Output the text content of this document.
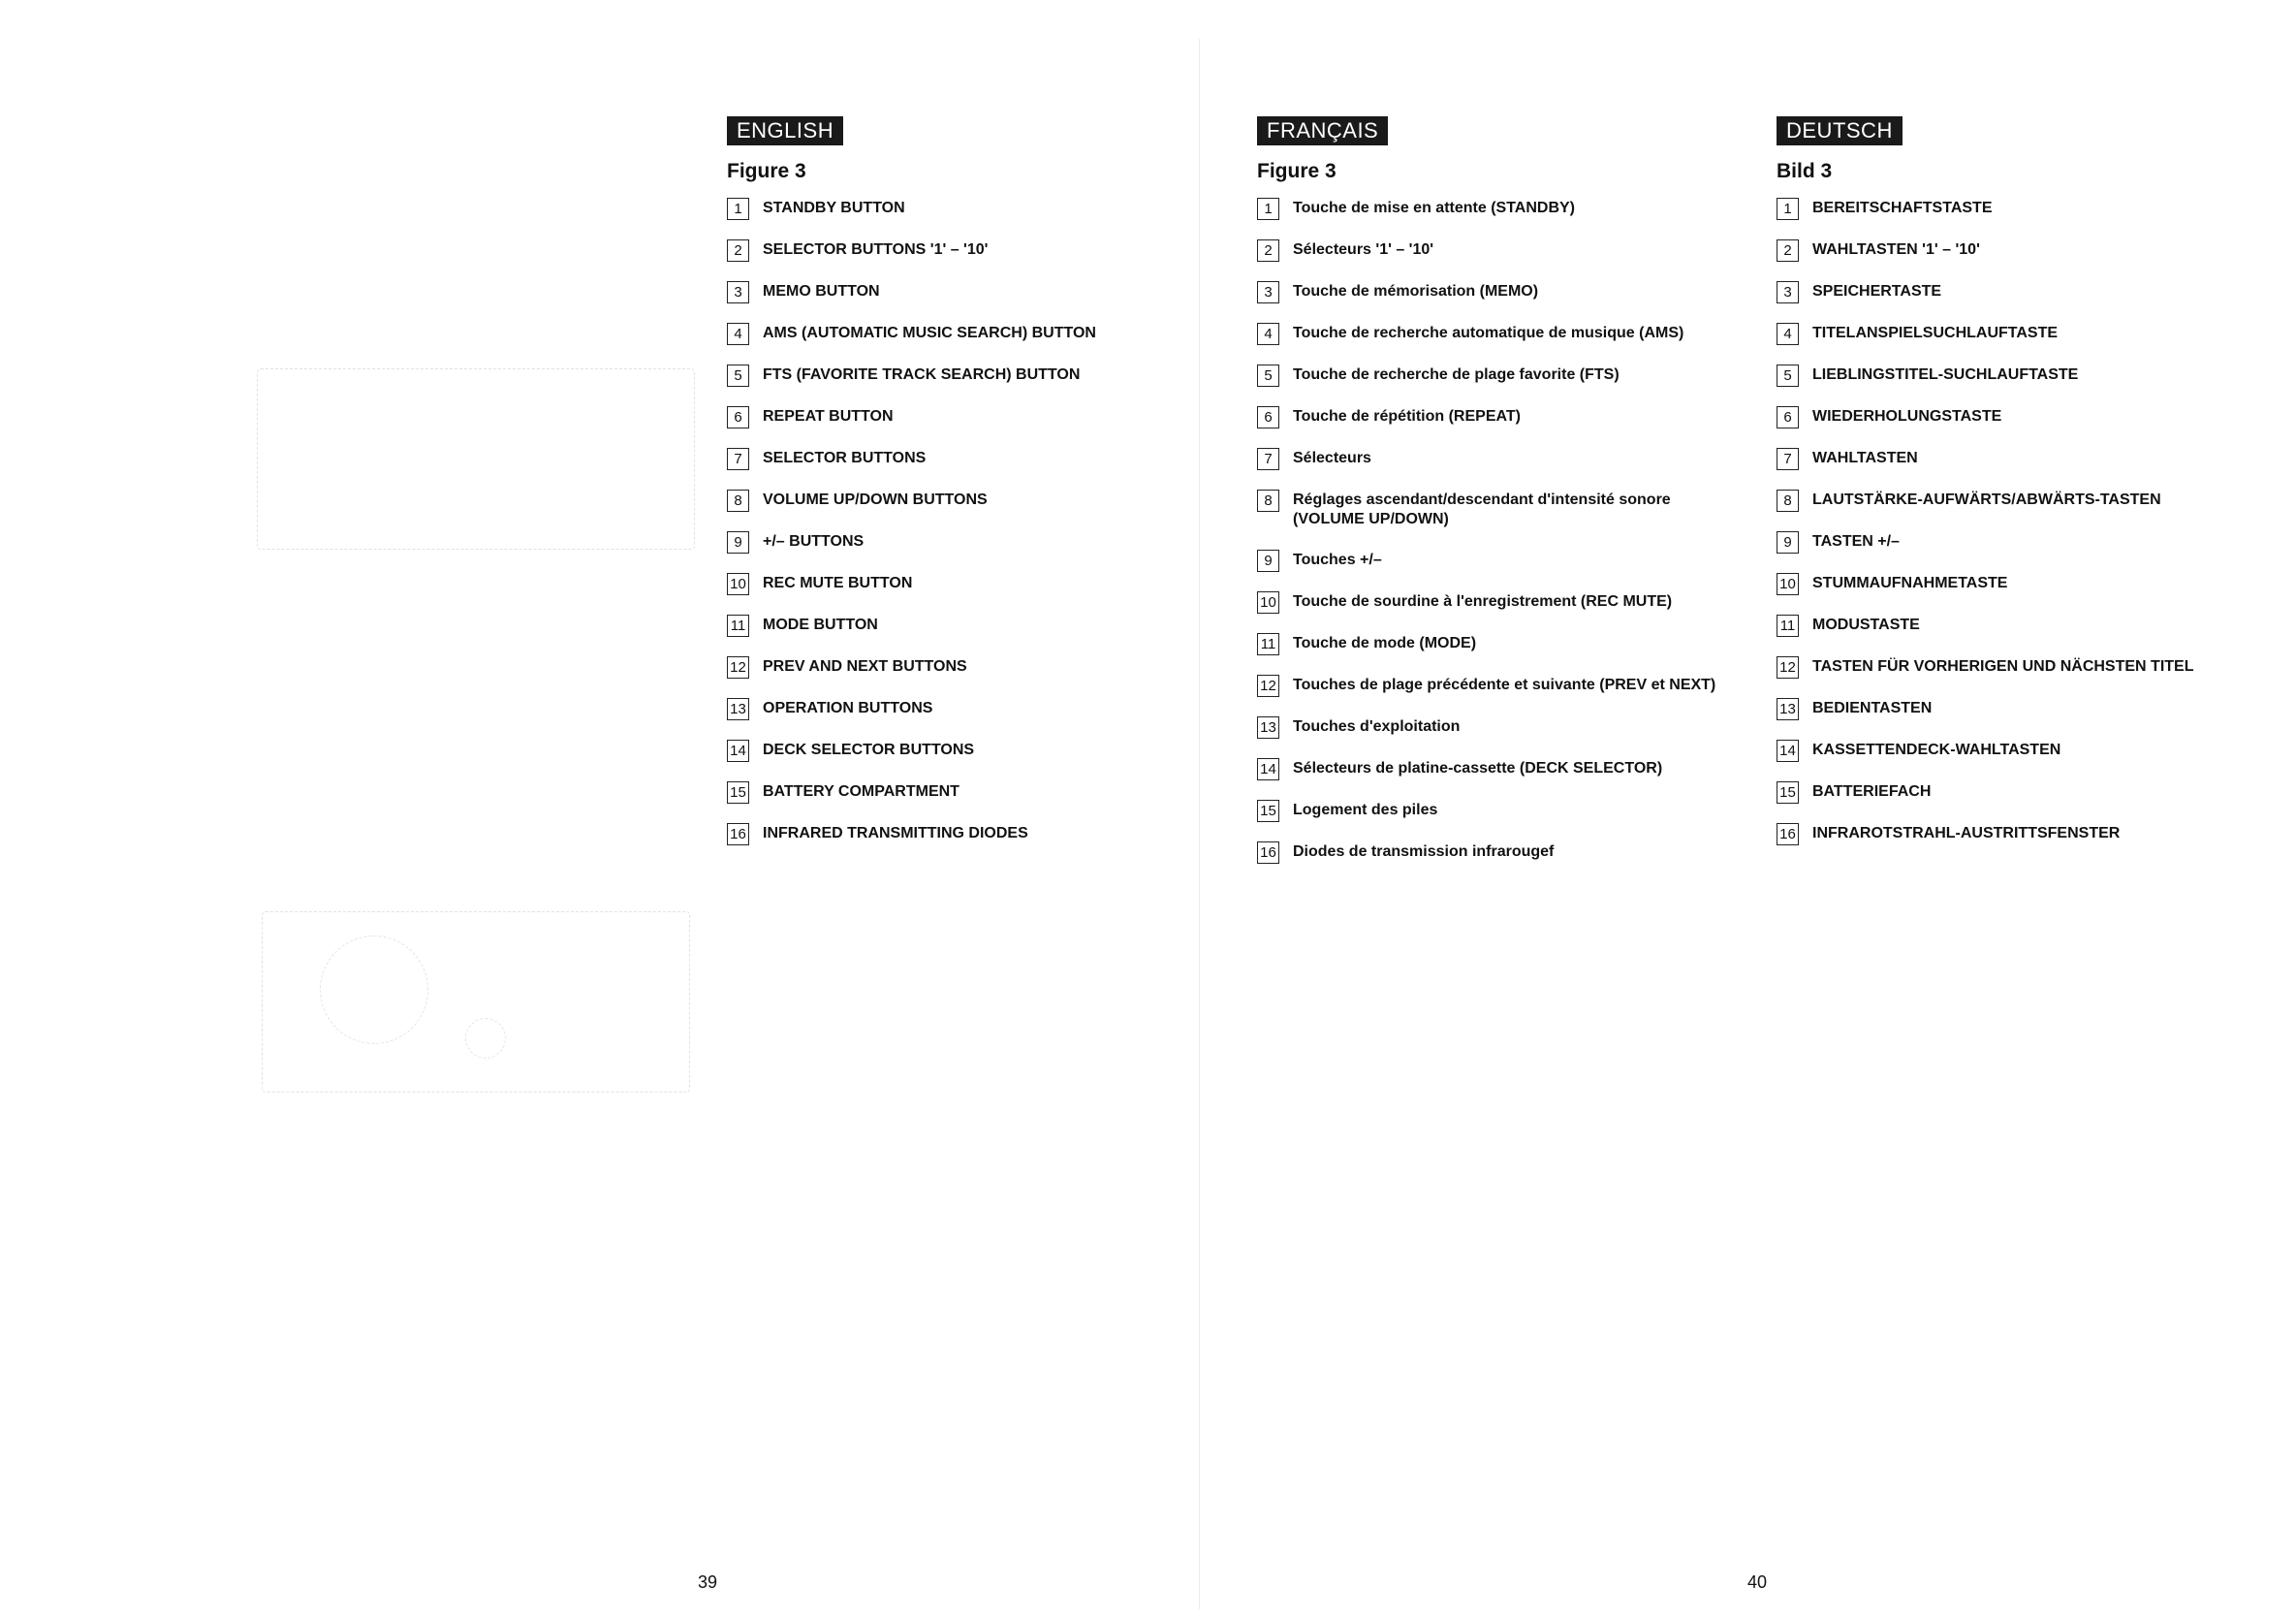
ENGLISH
Figure 3
1	STANDBY BUTTON
2	SELECTOR BUTTONS '1' – '10'
3	MEMO BUTTON
4	AMS (AUTOMATIC MUSIC SEARCH) BUTTON
5	FTS (FAVORITE TRACK SEARCH) BUTTON
6	REPEAT BUTTON
7	SELECTOR BUTTONS
8	VOLUME UP/DOWN BUTTONS
9	+/– BUTTONS
10 REC MUTE BUTTON
11 MODE BUTTON
12 PREV AND NEXT BUTTONS
13 OPERATION BUTTONS
14 DECK SELECTOR BUTTONS
15 BATTERY COMPARTMENT
16 INFRARED TRANSMITTING DIODES
FRANÇAIS
Figure 3
1	Touche de mise en attente (STANDBY)
2	Sélecteurs '1' – '10'
3	Touche de mémorisation (MEMO)
4	Touche de recherche automatique de musique (AMS)
5	Touche de recherche de plage favorite (FTS)
6	Touche de répétition (REPEAT)
7	Sélecteurs
8	Réglages ascendant/descendant d'intensité sonore
(VOLUME UP/DOWN)
9	Touches +/–
10 Touche de sourdine à l'enregistrement (REC MUTE)
11 Touche de mode (MODE)
12 Touches de plage précédente et suivante (PREV et NEXT)
13 Touches d'exploitation
14 Sélecteurs de platine-cassette (DECK SELECTOR)
15 Logement des piles
16 Diodes de transmission infrarougef
DEUTSCH
Bild 3
1	BEREITSCHAFTSTASTE
2	WAHLTASTEN '1' – '10'
3	SPEICHERTASTE
4	TITELANSPIELSUCHLAUFTASTE
5	LIEBLINGSTITEL-SUCHLAUFTASTE
6	WIEDERHOLUNGSTASTE
7	WAHLTASTEN
8	LAUTSTÄRKE-AUFWÄRTS/ABWÄRTS-TASTEN
9	TASTEN +/–
10 STUMMAUFNAHMETASTE
11 MODUSTASTE
12 TASTEN FÜR VORHERIGEN UND NÄCHSTEN TITEL
13 BEDIENTASTEN
14 KASSETTENDECK-WAHLTASTEN
15 BATTERIEFACH
16 INFRAROTSTRAHL-AUSTRITTSFENSTER
39	40
